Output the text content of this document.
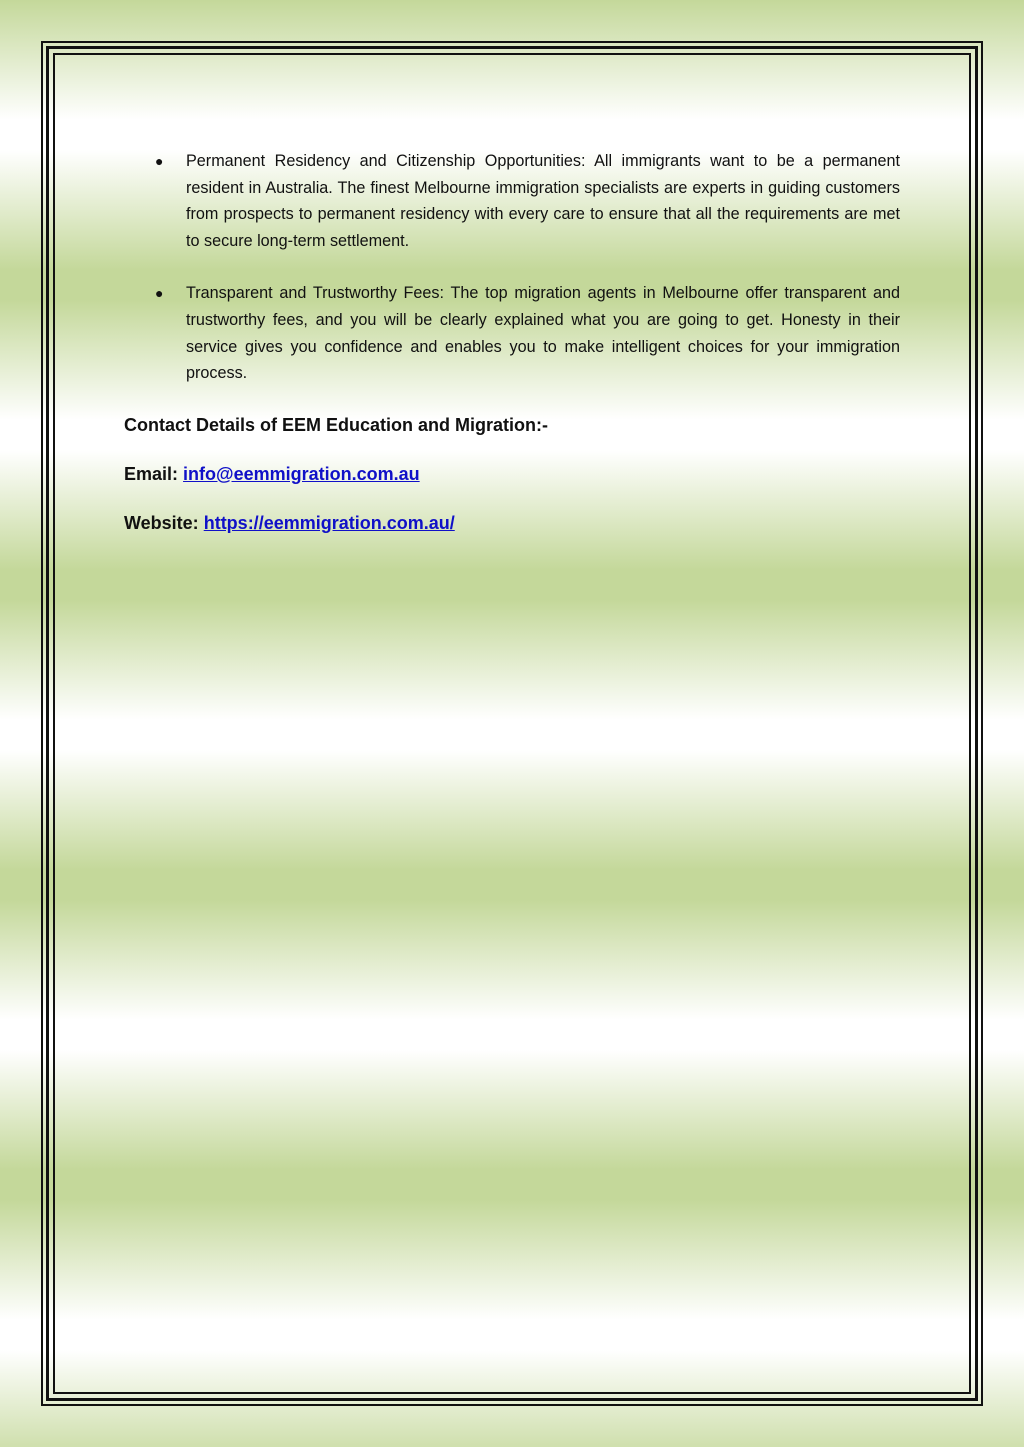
● Permanent Residency and Citizenship Opportunities: All immigrants want to be a permanent resident in Australia. The finest Melbourne immigration specialists are experts in guiding customers from prospects to permanent residency with every care to ensure that all the requirements are met to secure long-term settlement.
● Transparent and Trustworthy Fees: The top migration agents in Melbourne offer transparent and trustworthy fees, and you will be clearly explained what you are going to get. Honesty in their service gives you confidence and enables you to make intelligent choices for your immigration process.
Contact Details of EEM Education and Migration:-
Email: info@eemmigration.com.au
Website: https://eemmigration.com.au/
